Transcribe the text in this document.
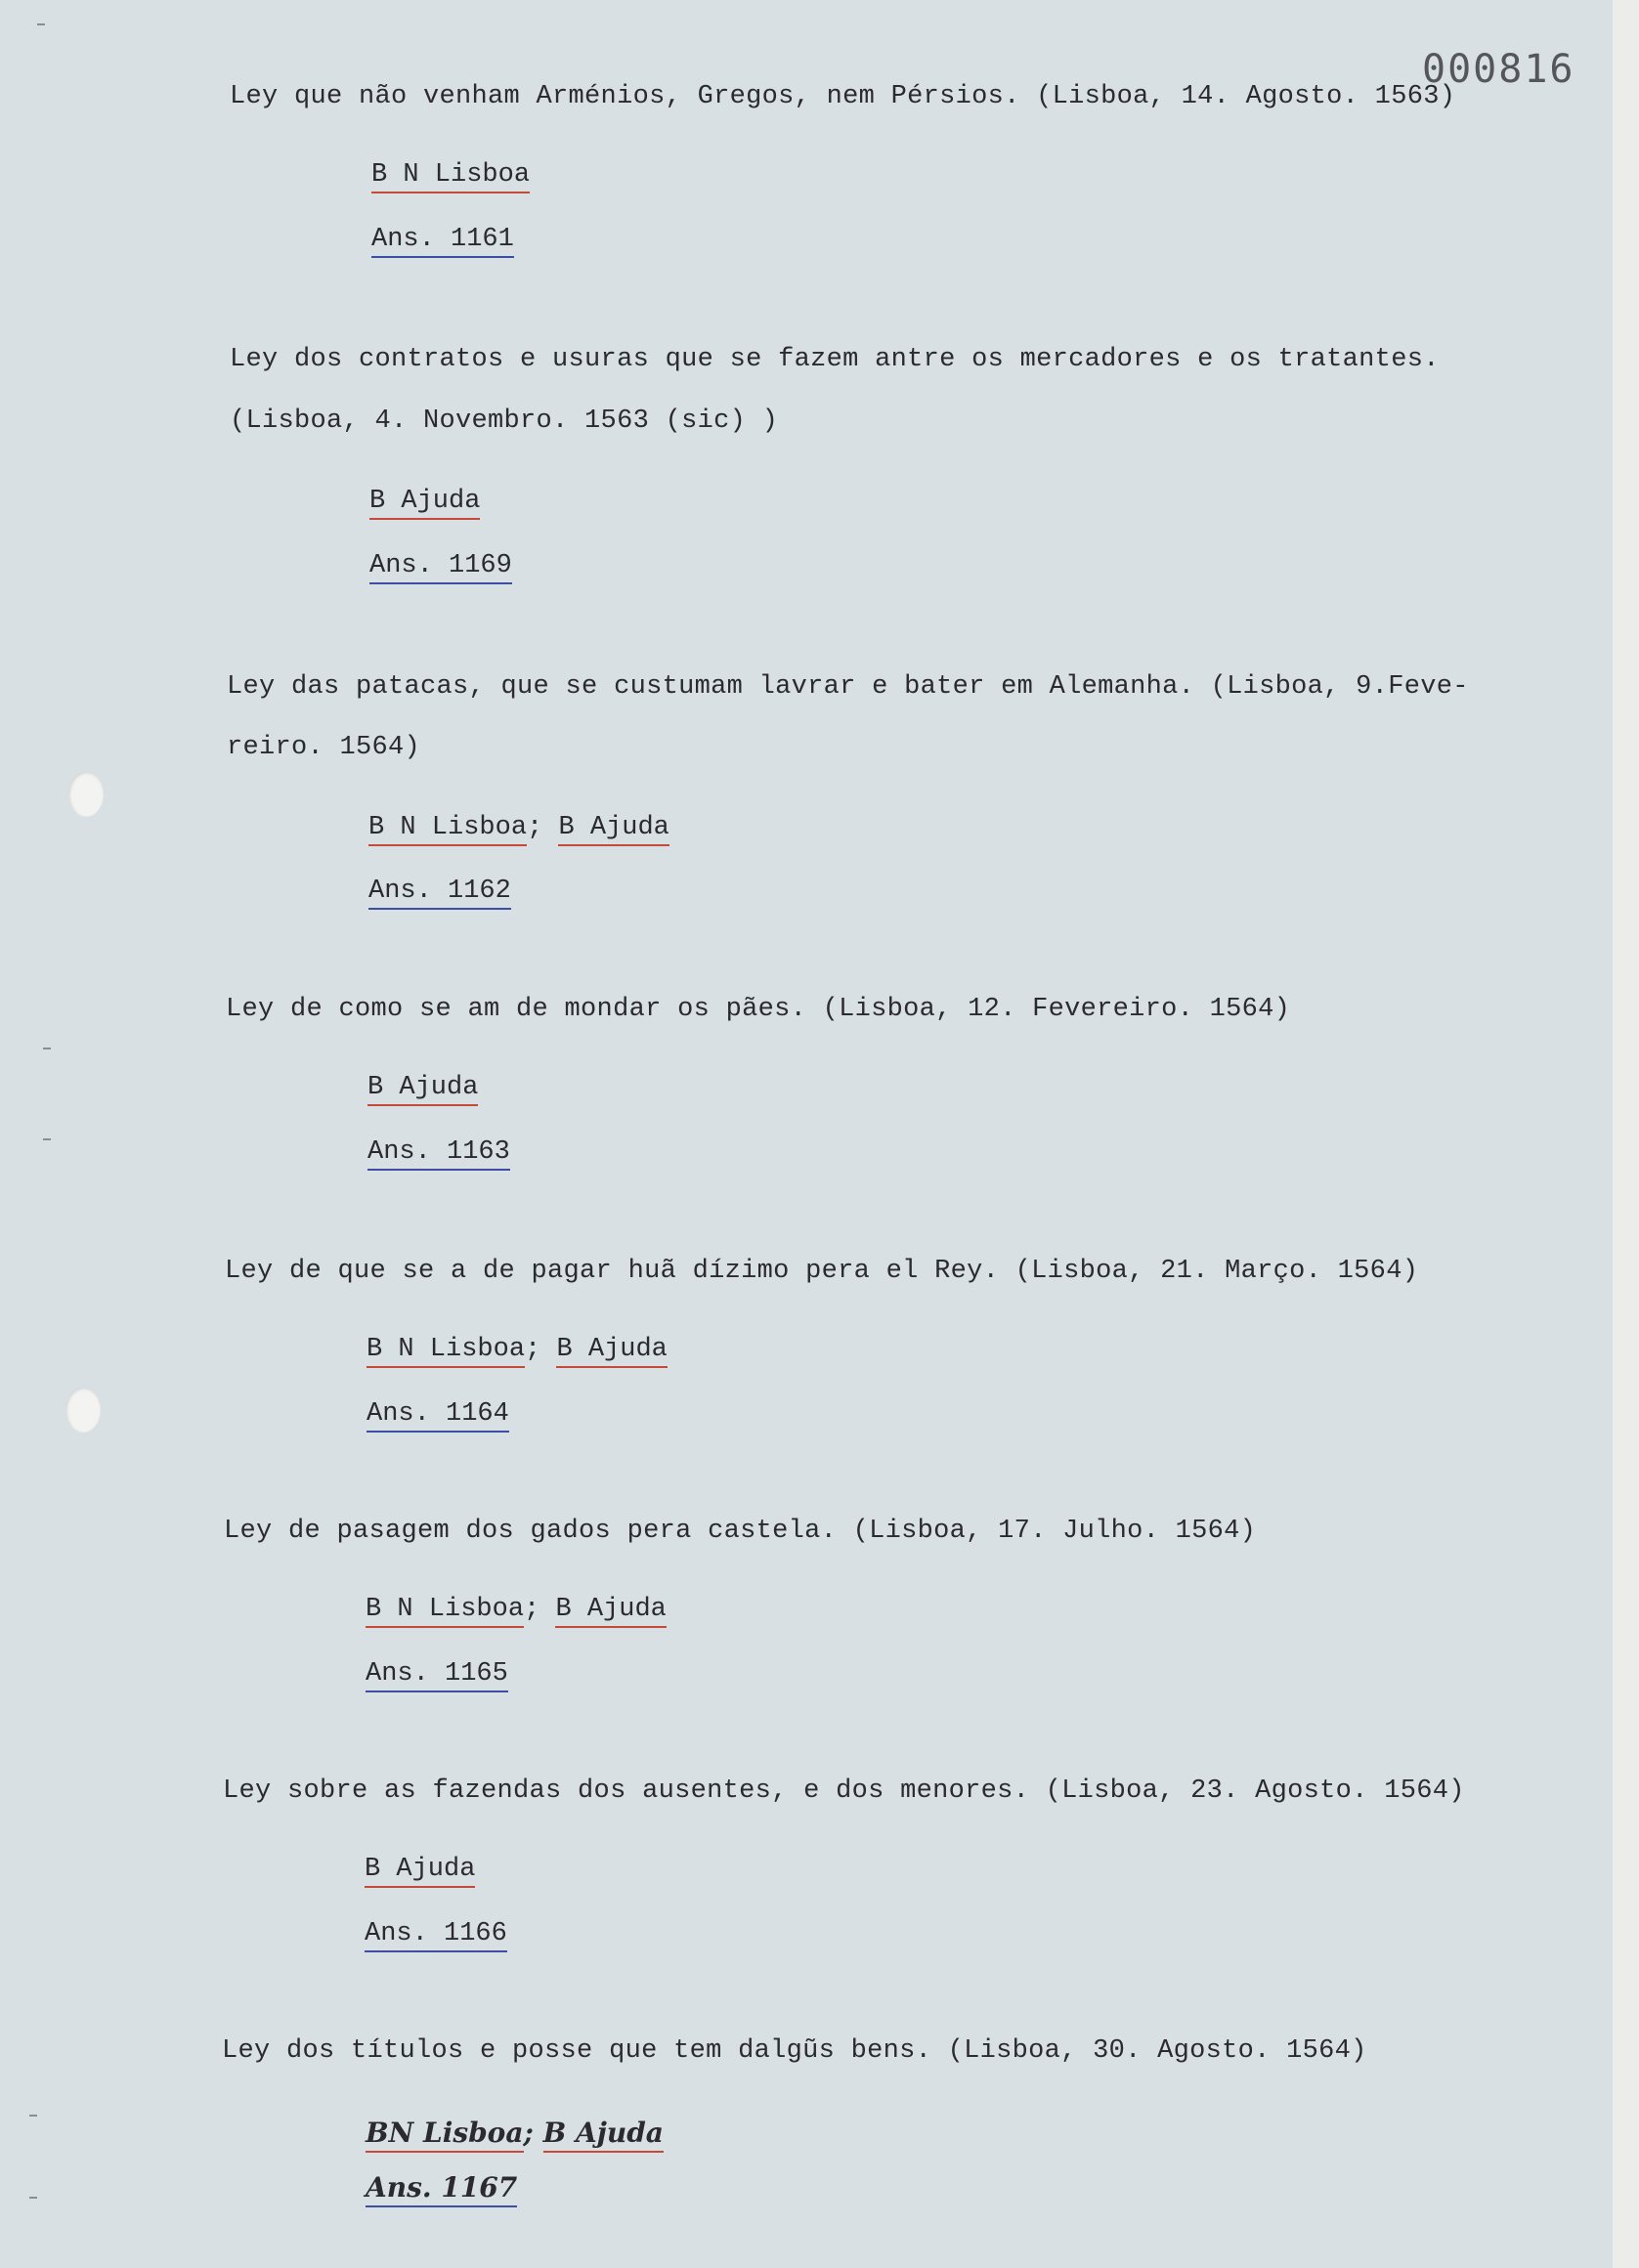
000816
Ley que não venham Arménios, Gregos, nem Pérsios. (Lisboa, 14. Agosto. 1563)
B N Lisboa
Ans. 1161
Ley dos contratos e usuras que se fazem antre os mercadores e os tratantes.
(Lisboa, 4. Novembro. 1563 (sic) )
B Ajuda
Ans. 1169
Ley das patacas, que se custumam lavrar e bater em Alemanha. (Lisboa, 9.Feve-
reiro. 1564)
B N Lisboa; B Ajuda
Ans. 1162
Ley de como se am de mondar os pães. (Lisboa, 12. Fevereiro. 1564)
B Ajuda
Ans. 1163
Ley de que se a de pagar huã dízimo pera el Rey. (Lisboa, 21. Março. 1564)
B N Lisboa; B Ajuda
Ans. 1164
Ley de pasagem dos gados pera castela. (Lisboa, 17. Julho. 1564)
B N Lisboa; B Ajuda
Ans. 1165
Ley sobre as fazendas dos ausentes, e dos menores. (Lisboa, 23. Agosto. 1564)
B Ajuda
Ans. 1166
Ley dos títulos e posse que tem dalgũs bens. (Lisboa, 30. Agosto. 1564)
BN Lisboa; B Ajuda
Ans. 1167
